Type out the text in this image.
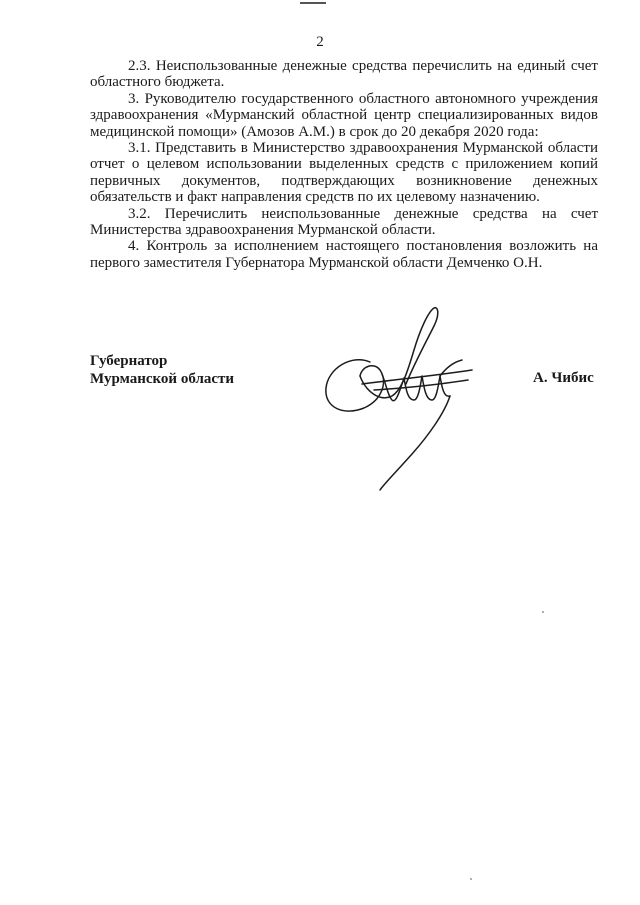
2

2.3. Неиспользованные денежные средства перечислить на единый счет областного бюджета.

3. Руководителю государственного областного автономного учреждения здравоохранения «Мурманский областной центр специализированных видов медицинской помощи» (Амозов А.М.) в срок до 20 декабря 2020 года:

3.1. Представить в Министерство здравоохранения Мурманской области отчет о целевом использовании выделенных средств с приложением копий первичных документов, подтверждающих возникновение денежных обязательств и факт направления средств по их целевому назначению.

3.2. Перечислить неиспользованные денежные средства на счет Министерства здравоохранения Мурманской области.

4. Контроль за исполнением настоящего постановления возложить на первого заместителя Губернатора Мурманской области Демченко О.Н.

Губернатор
Мурманской области	А. Чибис
